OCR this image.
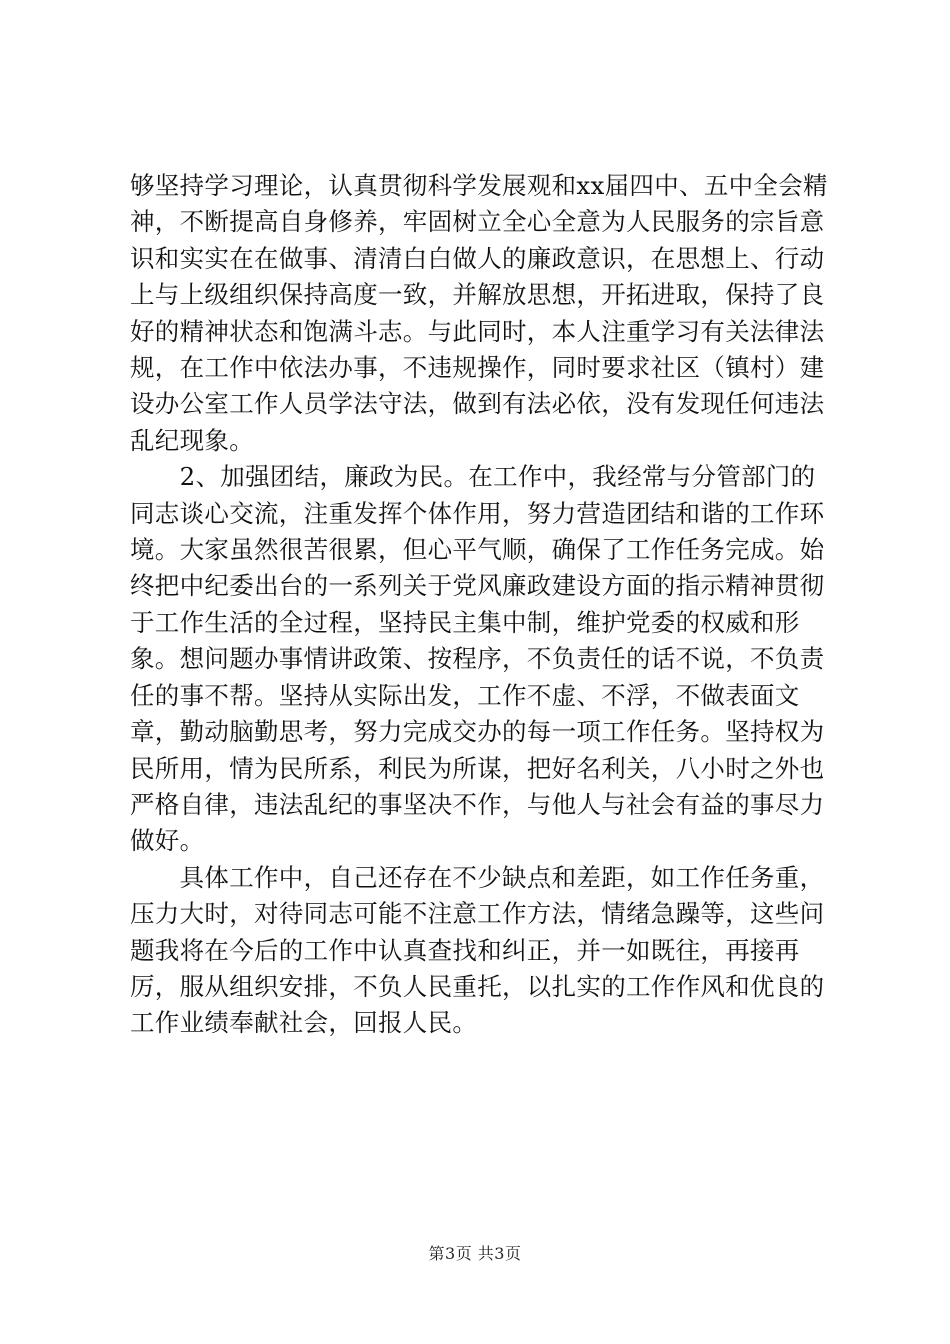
够坚持学习理论，认真贯彻科学发展观和xx届四中、五中全会精神，不断提高自身修养，牢固树立全心全意为人民服务的宗旨意识和实实在在做事、清清白白做人的廉政意识，在思想上、行动上与上级组织保持高度一致，并解放思想，开拓进取，保持了良好的精神状态和饱满斗志。与此同时，本人注重学习有关法律法规，在工作中依法办事，不违规操作，同时要求社区（镇村）建设办公室工作人员学法守法，做到有法必依，没有发现任何违法乱纪现象。

　　2、加强团结，廉政为民。在工作中，我经常与分管部门的同志谈心交流，注重发挥个体作用，努力营造团结和谐的工作环境。大家虽然很苦很累，但心平气顺，确保了工作任务完成。始终把中纪委出台的一系列关于党风廉政建设方面的指示精神贯彻于工作生活的全过程，坚持民主集中制，维护党委的权威和形象。想问题办事情讲政策、按程序，不负责任的话不说，不负责任的事不帮。坚持从实际出发，工作不虚、不浮，不做表面文章，勤动脑勤思考，努力完成交办的每一项工作任务。坚持权为民所用，情为民所系，利民为所谋，把好名利关，八小时之外也严格自律，违法乱纪的事坚决不作，与他人与社会有益的事尽力做好。

　　具体工作中，自己还存在不少缺点和差距，如工作任务重，压力大时，对待同志可能不注意工作方法，情绪急躁等，这些问题我将在今后的工作中认真查找和纠正，并一如既往，再接再厉，服从组织安排，不负人民重托，以扎实的工作作风和优良的工作业绩奉献社会，回报人民。

第3页 共3页
